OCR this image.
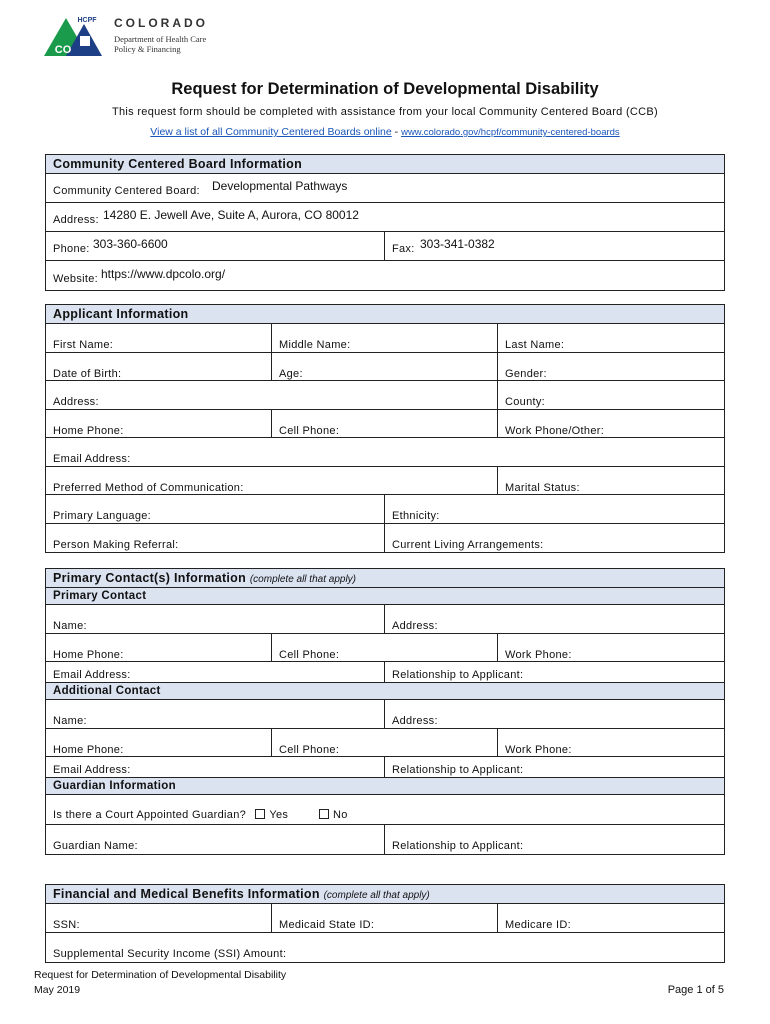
HCPF
CO
COLORADO
Department of Health Care
Policy & Financing
Request for Determination of Developmental Disability
This request form should be completed with assistance from your local Community Centered Board (CCB)
View a list of all Community Centered Boards online - www.colorado.gov/hcpf/community-centered-boards
Community Centered Board Information
Community Centered Board: Developmental Pathways
Address: 14280 E. Jewell Ave, Suite A, Aurora, CO 80012
Phone: 303-360-6600	Fax: 303-341-0382
Website: https://www.dpcolo.org/
Applicant Information
First Name:	Middle Name:	Last Name:
Date of Birth:	Age:	Gender:
Address:	County:
Home Phone:	Cell Phone:	Work Phone/Other:
Email Address:
Preferred Method of Communication:	Marital Status:
Primary Language:	Ethnicity:
Person Making Referral:	Current Living Arrangements:
Primary Contact(s) Information (complete all that apply)
Primary Contact
Name:	Address:
Home Phone:	Cell Phone:	Work Phone:
Email Address:	Relationship to Applicant:
Additional Contact
Name:	Address:
Home Phone:	Cell Phone:	Work Phone:
Email Address:	Relationship to Applicant:
Guardian Information
Is there a Court Appointed Guardian? Yes	No
Guardian Name:	Relationship to Applicant:
Financial and Medical Benefits Information (complete all that apply)
SSN:	Medicaid State ID:	Medicare ID:
Supplemental Security Income (SSI) Amount:
Request for Determination of Developmental Disability
May 2019	Page 1 of 5
